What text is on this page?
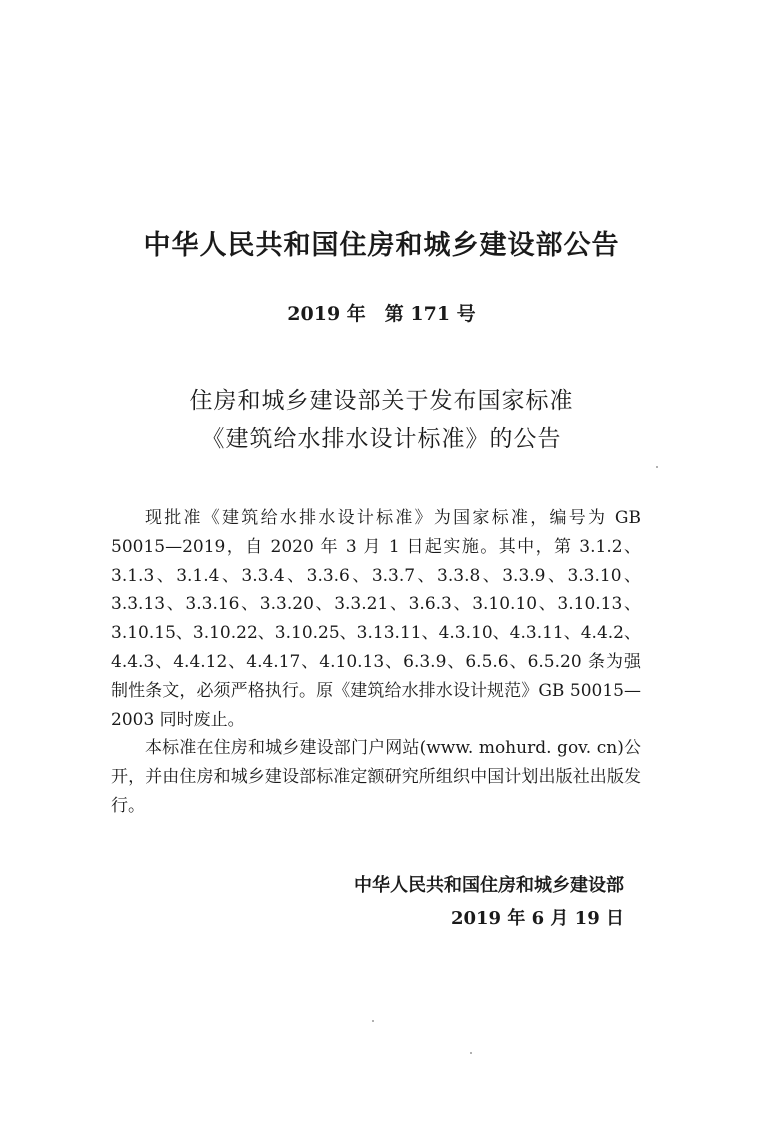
中华人民共和国住房和城乡建设部公告
2019 年　第 171 号
住房和城乡建设部关于发布国家标准
《建筑给水排水设计标准》的公告

现批准《建筑给水排水设计标准》为国家标准，编号为 GB 50015—2019，自 2020 年 3 月 1 日起实施。其中，第 3.1.2、3.1.3、3.1.4、3.3.4、3.3.6、3.3.7、3.3.8、3.3.9、3.3.10、3.3.13、3.3.16、3.3.20、3.3.21、3.6.3、3.10.10、3.10.13、3.10.15、3.10.22、3.10.25、3.13.11、4.3.10、4.3.11、4.4.2、4.4.3、4.4.12、4.4.17、4.10.13、6.3.9、6.5.6、6.5.20 条为强制性条文，必须严格执行。原《建筑给水排水设计规范》GB 50015—2003 同时废止。

本标准在住房和城乡建设部门户网站(www. mohurd. gov. cn)公开，并由住房和城乡建设部标准定额研究所组织中国计划出版社出版发行。

中华人民共和国住房和城乡建设部
2019 年 6 月 19 日
